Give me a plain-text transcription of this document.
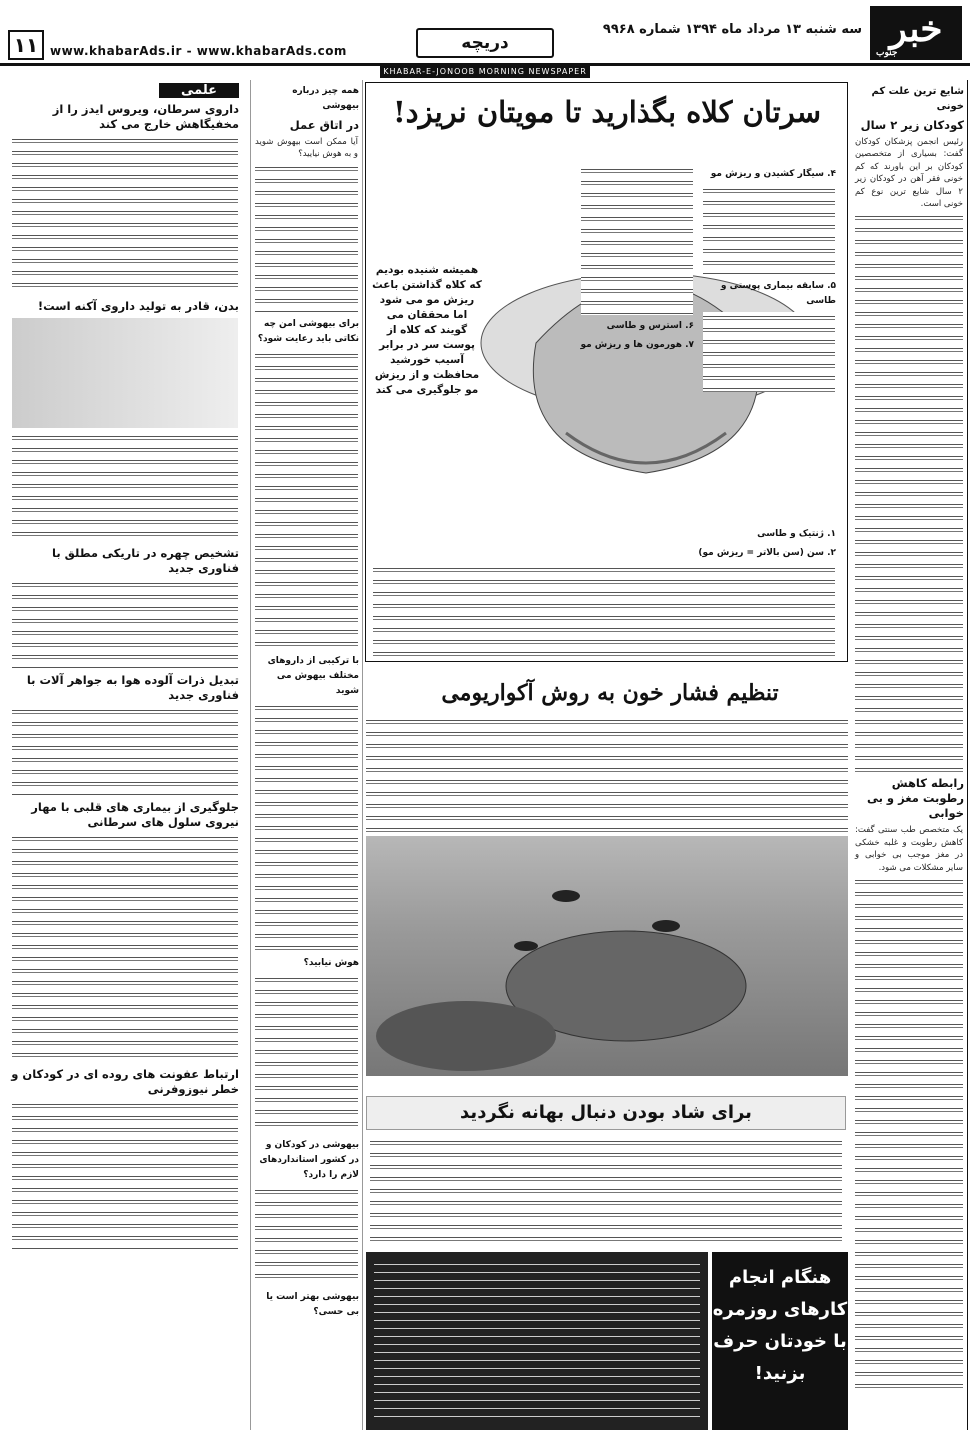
خبر
جنوب
سه شنبه ۱۳ مرداد ماه ۱۳۹۴ شماره ۹۹۶۸
دریچه
www.khabarAds.ir - www.khabarAds.com
۱۱
KHABAR-E-JONOOB MORNING NEWSPAPER
شایع ترین علت کم خونی
کودکان زیر ۲ سال
رئیس انجمن پزشکان کودکان گفت: بسیاری از متخصصین کودکان بر این باورند که کم خونی فقر آهن در کودکان زیر ۲ سال شایع ترین نوع کم خونی است.
رابطه کاهش رطوبت مغز و بی خوابی
یک متخصص طب سنتی گفت: کاهش رطوبت و غلبه خشکی در مغز موجب بی خوابی و سایر مشکلات می شود.
سرتان کلاه بگذارید تا مویتان نریزد!
همیشه شنیده بودیم که کلاه گذاشتن باعث ریزش مو می شود اما محققان می گویند که کلاه از پوست سر در برابر آسیب خورشید محافظت و از ریزش مو جلوگیری می کند
۴. سیگار کشیدن و ریزش مو
۵. سابقه بیماری پوستی و طاسی
۶. استرس و طاسی
۷. هورمون ها و ریزش مو
۱. ژنتیک و طاسی
۲. سن (سن بالاتر = ریزش مو)
تنظیم فشار خون به روش آکواریومی
برای شاد بودن دنبال بهانه نگردید
هنگام انجام کارهای روزمره با خودتان حرف بزنید!
همه چیز درباره بیهوشی
در اتاق عمل
آیا ممکن است بیهوش شوید و به هوش نیایید؟
برای بیهوشی امن چه نکاتی باید رعایت شود؟
با ترکیبی از داروهای مختلف بیهوش می شوید
هوش نیابید؟
بیهوشی در کودکان و در کشور استانداردهای لازم را دارد؟
بیهوشی بهتر است یا بی حسی؟
علمی
داروی سرطان، ویروس ایدز را از مخفیگاهش خارج می کند
بدن، قادر به تولید داروی آکنه است!
تشخیص چهره در تاریکی مطلق با فناوری جدید
تبدیل ذرات آلوده هوا به جواهر آلات با فناوری جدید
جلوگیری از بیماری های قلبی با مهار نیروی سلول های سرطانی
ارتباط عفونت های روده ای در کودکان و خطر نیوزوفرنی
